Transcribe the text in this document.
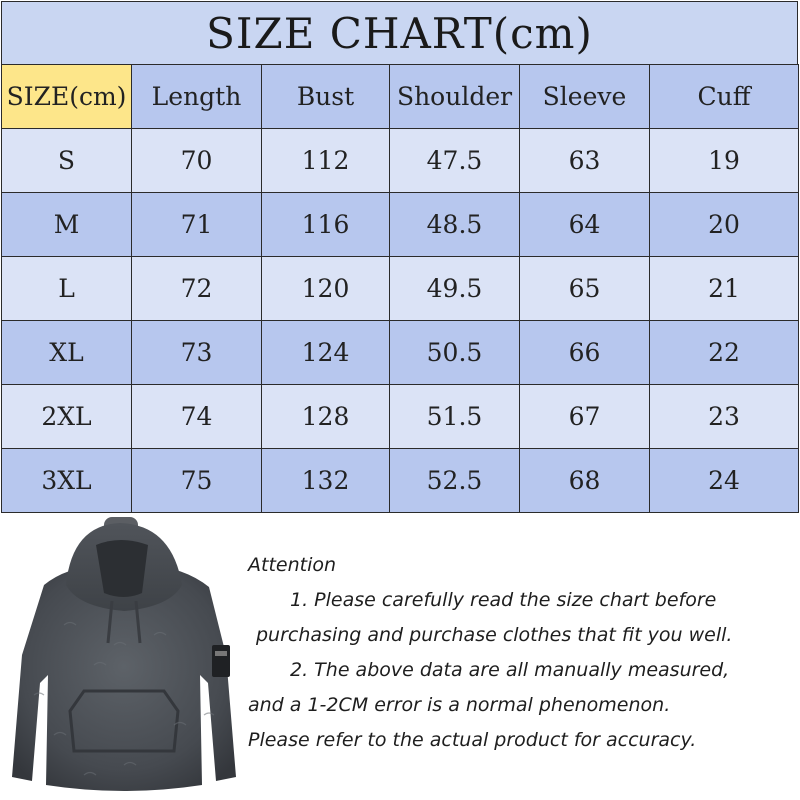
SIZE CHART(cm)
SIZE(cm)	Length	Bust	Shoulder	Sleeve	Cuff
S	70	112	47.5	63	19
M	71	116	48.5	64	20
L	72	120	49.5	65	21
XL	73	124	50.5	66	22
2XL	74	128	51.5	67	23
3XL	75	132	52.5	68	24
Attention
1. Please carefully read the size chart before
purchasing and purchase clothes that fit you well.
2. The above data are all manually measured,
and a 1-2CM error is a normal phenomenon.
Please refer to the actual product for accuracy.
